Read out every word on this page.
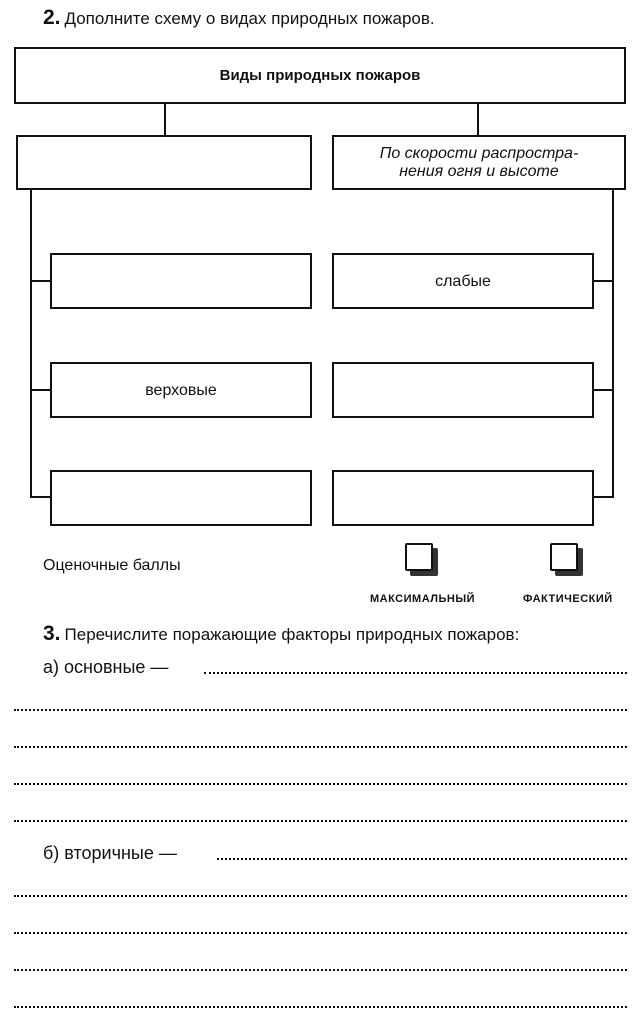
2. Дополните схему о видах природных пожаров.
Виды природных пожаров
По скорости распростра-
нения огня и высоте
верховые
слабые
Оценочные баллы
МАКСИМАЛЬНЫЙ	ФАКТИЧЕСКИЙ
3. Перечислите поражающие факторы природных пожаров:
а) основные —
б) вторичные —
